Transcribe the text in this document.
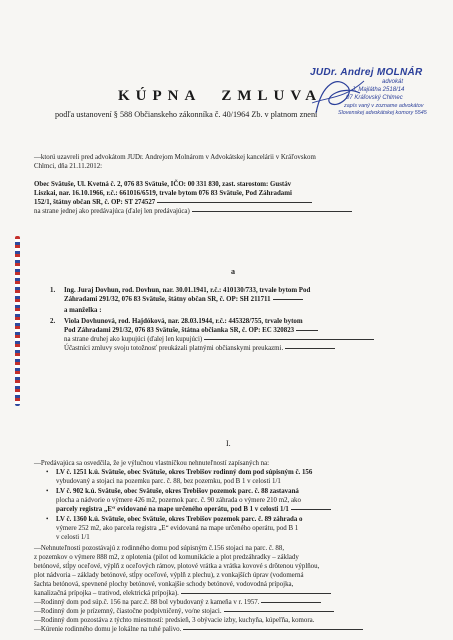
JUDr. Andrej MOLNÁR
advokát
J. Majlátha 2518/14
07 Kráľovský Chlmec
zapís vaný v zozname advokátov
Slovenskej advokátskej komory 5545
KÚPNA ZMLUVA
podľa ustanovení § 588 Občianskeho zákonníka č. 40/1964 Zb. v platnom znení
—ktorú uzavreli pred advokátom JUDr. Andrejom Molnárom v Advokátskej kancelárii v Kráľovskom
Chlmci, dňa 21.11.2012:
Obec Svätuše, Ul. Kvetná č. 2, 076 83 Svätuše, IČO: 00 331 830, zast. starostom: Gustáv
Liszkai, nar. 16.10.1966, r.č.: 661016/6519, trvale bytom 076 83 Svätuše, Pod Záhradami
152/1, štátny občan SR, č. OP: ST 274527
na strane jednej ako predávajúca (ďalej len predávajúca)
a
1. Ing. Juraj Dovhun, rod. Dovhun, nar. 30.01.1941, r.č.: 410130/733, trvale bytom Pod
Záhradami 291/32, 076 83 Svätuše, štátny občan SR, č. OP: SH 211711
a manželka :
2. Viola Dovhunová, rod. Hajdóková, nar. 28.03.1944, r.č.: 445328/755, trvale bytom
Pod Záhradami 291/32, 076 83 Svätuše, štátna občianka SR, č. OP: EC 320823
na strane druhej ako kupujúci (ďalej len kupujúci)
Účastníci zmluvy svoju totožnosť preukázali platnými občianskymi preukazmi.
I.
—Predávajúca sa osvedčila, že je výlučnou vlastníčkou nehnuteľností zapísaných na:
• LV č. 1251 k.ú. Svätuše, obec Svätuše, okres Trebišov rodinný dom pod súpisným č. 156
vybudovaný a stojaci na pozemku parc. č. 88, bez pozemku, pod B 1 v celosti 1/1
• LV č. 902 k.ú. Svätuše, obec Svätuše, okres Trebišov pozemok parc. č. 88 zastavaná
plocha a nádvorie o výmere 426 m2, pozemok parc. č. 90 záhrada o výmere 210 m2, ako
parcely registra „E“ evidované na mape určeného operátu, pod B 1 v celosti 1/1
• LV č. 1360 k.ú. Svätuše, obec Svätuše, okres Trebišov pozemok parc. č. 89 záhrada o
výmere 252 m2, ako parcela registra „E“ evidovaná na mape určeného operátu, pod B 1
v celosti 1/1
—Nehnuteľnosti pozostávajú z rodinného domu pod súpisným č.156 stojaci na parc. č. 88,
z pozemkov o výmere 888 m2, z oplotenia (pilot od komunikácie a plot predzáhradky – základy
betónové, stĺpy oceľové, výplň z oceľových rámov, plotové vrátka a vrátka kovové s drôtenou výplňou,
plot nádvoria – základy betónové, stĺpy oceľové, výplň z plechu), z vonkajších úprav (vodomerná
šachta betónová, spevnené plochy betónové, vonkajšie schody betónové, vodovodná prípojka,
kanalizačná prípojka – trativod, elektrická prípojka).
—Rodinný dom pod súp.č. 156 na parc.č. 88 bol vybudovaný z kameňa v r. 1957.
—Rodinný dom je prízemný, čiastočne podpivničený, vo/ne stojaci.
—Rodinný dom pozostáva z týchto miestností: predsieň, 3 obývacie izby, kuchyňa, kúpeľňa, komora.
—Kúrenie rodinného domu je lokálne na tuhé palivo.
